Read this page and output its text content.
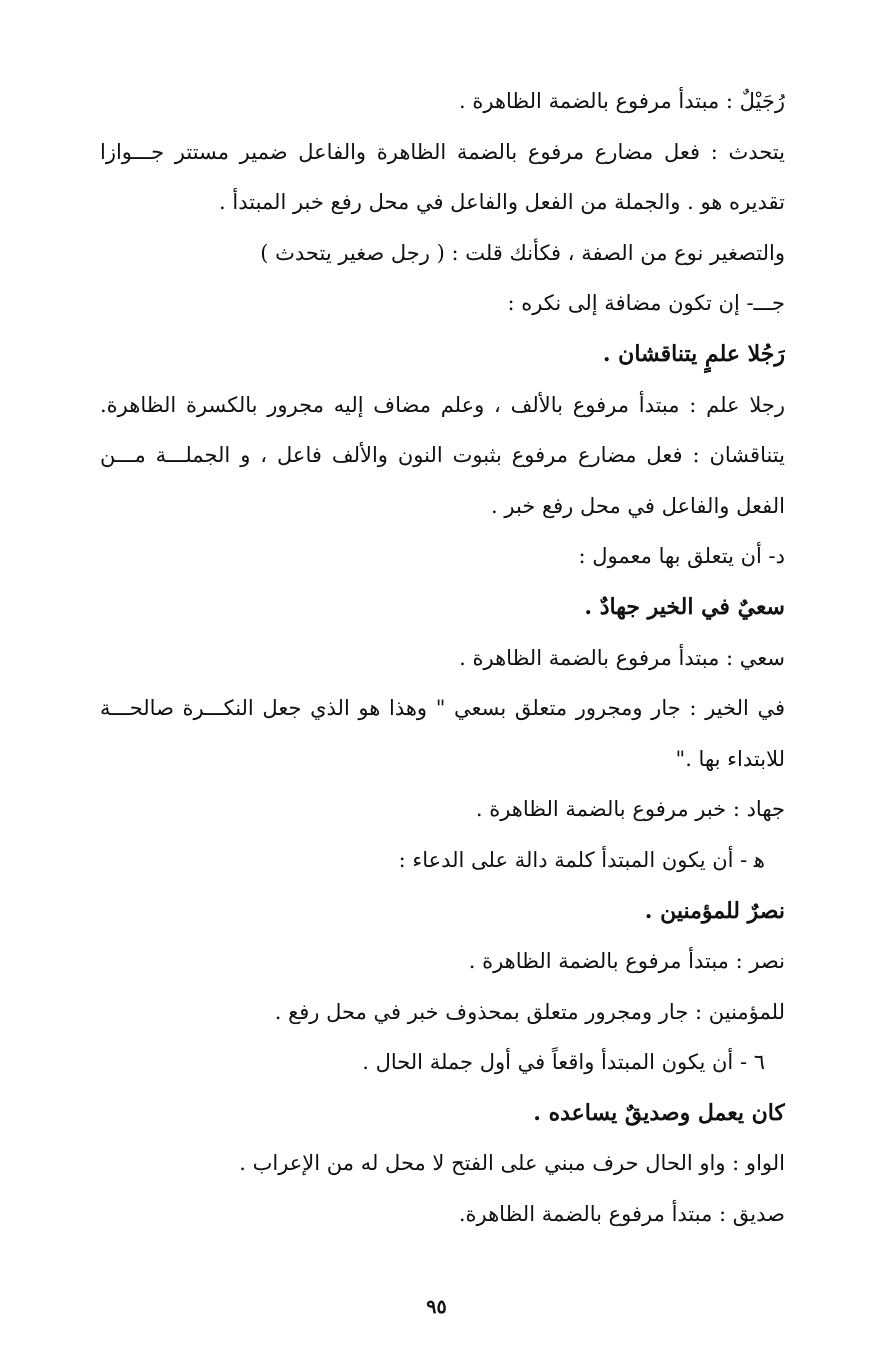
رُجَيْلٌ : مبتدأ مرفوع بالضمة الظاهرة .
يتحدث : فعل مضارع مرفوع بالضمة الظاهرة والفاعل ضمير مستتر جـــوازا
تقديره هو . والجملة من الفعل والفاعل في محل رفع خبر المبتدأ .
والتصغير نوع من الصفة ، فكأنك قلت : ( رجل صغير يتحدث )
جـــ- إن تكون مضافة إلى نكره :
رَجُلا علمٍ يتناقشان .
رجلا علم : مبتدأ مرفوع بالألف ، وعلم مضاف إليه مجرور بالكسرة الظاهرة.
يتناقشان : فعل مضارع مرفوع بثبوت النون والألف فاعل ، و الجملـــة مـــن
الفعل والفاعل في محل رفع خبر .
د- أن يتعلق بها معمول :
سعيٌ في الخير جهادٌ .
سعي : مبتدأ مرفوع بالضمة الظاهرة .
في الخير : جار ومجرور متعلق بسعي " وهذا هو الذي جعل النكـــرة صالحـــة
للابتداء بها ."
جهاد : خبر مرفوع بالضمة الظاهرة .
ه‍ - أن يكون المبتدأ كلمة دالة على الدعاء :
نصرٌ للمؤمنين .
نصر : مبتدأ مرفوع بالضمة الظاهرة .
للمؤمنين : جار ومجرور متعلق بمحذوف خبر في محل رفع .
٦ - أن يكون المبتدأ واقعاً في أول جملة الحال .
كان يعمل وصديقٌ يساعده .
الواو : واو الحال حرف مبني على الفتح لا محل له من الإعراب .
صديق : مبتدأ مرفوع بالضمة الظاهرة.
٩٥
